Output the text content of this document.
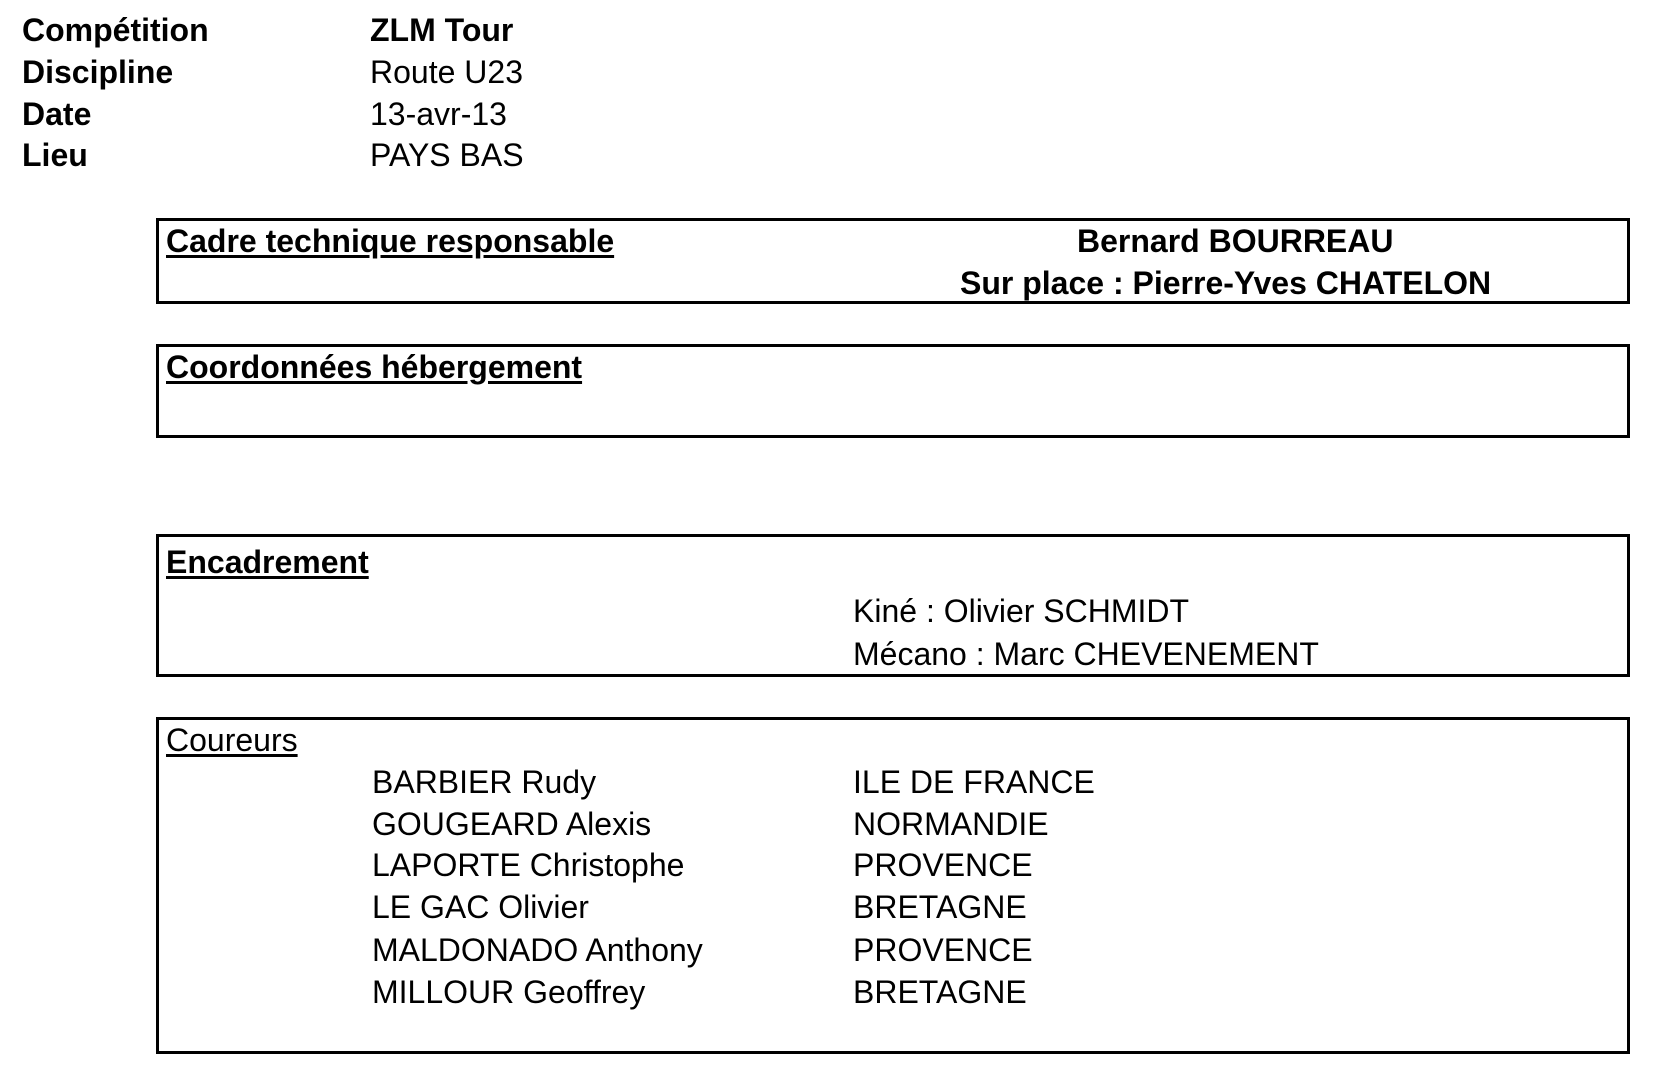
Compétition	ZLM Tour
Discipline	Route U23
Date	13-avr-13
Lieu	PAYS BAS
Cadre technique responsable	Bernard BOURREAU
Sur place : Pierre-Yves CHATELON
Coordonnées hébergement
Encadrement
Kiné : Olivier SCHMIDT
Mécano : Marc CHEVENEMENT
Coureurs
BARBIER Rudy	ILE DE FRANCE
GOUGEARD Alexis	NORMANDIE
LAPORTE Christophe	PROVENCE
LE GAC Olivier	BRETAGNE
MALDONADO Anthony	PROVENCE
MILLOUR Geoffrey	BRETAGNE
